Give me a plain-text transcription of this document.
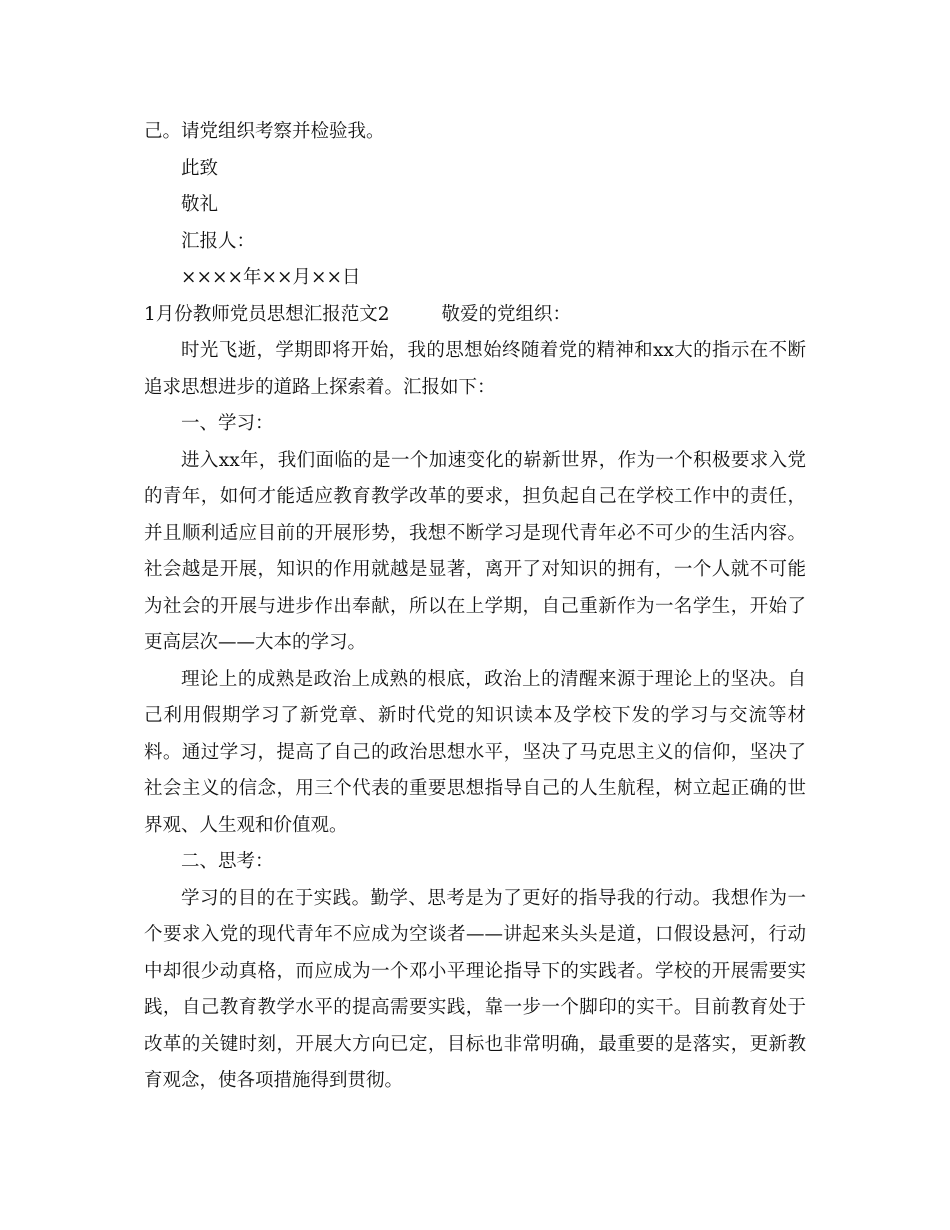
己。请党组织考察并检验我。

此致

敬礼

汇报人：

××××年××月××日

1月份教师党员思想汇报范文2	敬爱的党组织：

时光飞逝，学期即将开始，我的思想始终随着党的精神和xx大的指示在不断追求思想进步的道路上探索着。汇报如下：

一、学习：

进入xx年，我们面临的是一个加速变化的崭新世界，作为一个积极要求入党的青年，如何才能适应教育教学改革的要求，担负起自己在学校工作中的责任，并且顺利适应目前的开展形势，我想不断学习是现代青年必不可少的生活内容。社会越是开展，知识的作用就越是显著，离开了对知识的拥有，一个人就不可能为社会的开展与进步作出奉献，所以在上学期，自己重新作为一名学生，开始了更高层次——大本的学习。

理论上的成熟是政治上成熟的根底，政治上的清醒来源于理论上的坚决。自己利用假期学习了新党章、新时代党的知识读本及学校下发的学习与交流等材料。通过学习，提高了自己的政治思想水平，坚决了马克思主义的信仰，坚决了社会主义的信念，用三个代表的重要思想指导自己的人生航程，树立起正确的世界观、人生观和价值观。

二、思考：

学习的目的在于实践。勤学、思考是为了更好的指导我的行动。我想作为一个要求入党的现代青年不应成为空谈者——讲起来头头是道，口假设悬河，行动中却很少动真格，而应成为一个邓小平理论指导下的实践者。学校的开展需要实践，自己教育教学水平的提高需要实践，靠一步一个脚印的实干。目前教育处于改革的关键时刻，开展大方向已定，目标也非常明确，最重要的是落实，更新教育观念，使各项措施得到贯彻。
